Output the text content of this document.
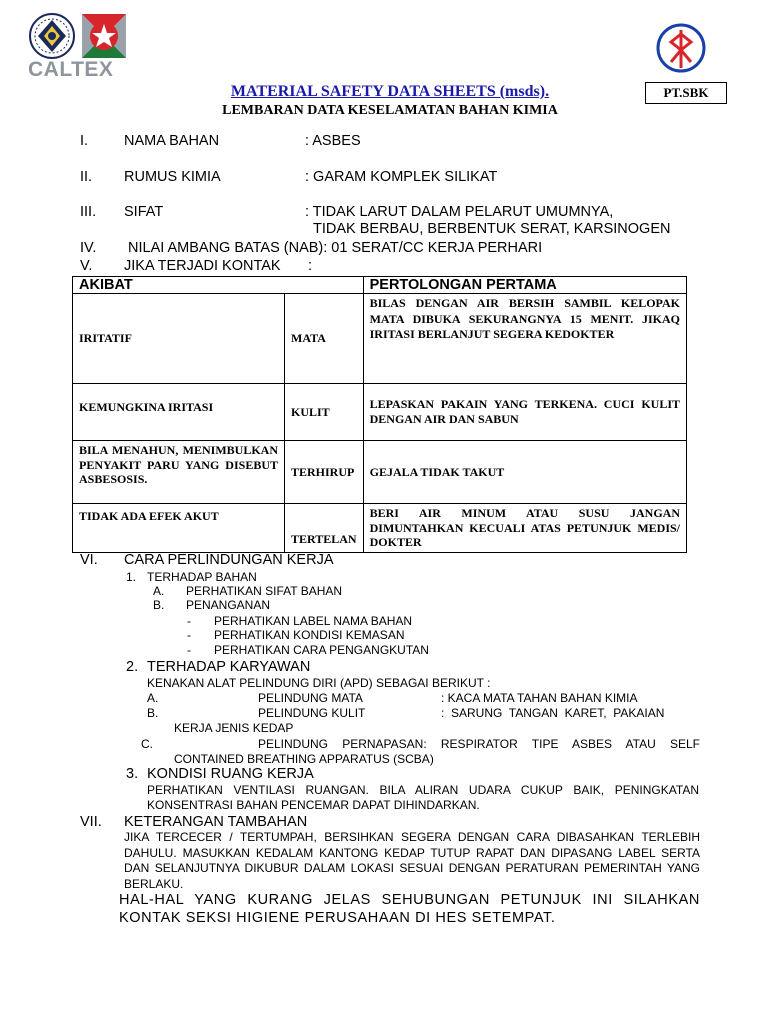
CALTEX
PT.SBK
MATERIAL SAFETY DATA SHEETS (msds).
LEMBARAN DATA KESELAMATAN BAHAN KIMIA
I. NAMA BAHAN	: ASBES
II. RUMUS KIMIA	: GARAM KOMPLEK SILIKAT
III. SIFAT	: TIDAK LARUT DALAM PELARUT UMUMNYA,
TIDAK BERBAU, BERBENTUK SERAT, KARSINOGEN
IV. NILAI AMBANG BATAS (NAB): 01 SERAT/CC KERJA PERHARI
V. JIKA TERJADI KONTAK :
AKIBAT		PERTOLONGAN PERTAMA
IRITATIF	MATA	BILAS DENGAN AIR BERSIH SAMBIL KELOPAK MATA DIBUKA SEKURANGNYA 15 MENIT. JIKAQ IRITASI BERLANJUT SEGERA KEDOKTER
KEMUNGKINA IRITASI	KULIT	LEPASKAN PAKAIN YANG TERKENA. CUCI KULIT DENGAN AIR DAN SABUN
BILA MENAHUN, MENIMBULKAN PENYAKIT PARU YANG DISEBUT ASBESOSIS.	TERHIRUP	GEJALA TIDAK TAKUT
TIDAK ADA EFEK AKUT	TERTELAN	BERI AIR MINUM ATAU SUSU JANGAN DIMUNTAHKAN KECUALI ATAS PETUNJUK MEDIS/ DOKTER
VI. CARA PERLINDUNGAN KERJA
1. TERHADAP BAHAN
A. PERHATIKAN SIFAT BAHAN
B. PENANGANAN
- PERHATIKAN LABEL NAMA BAHAN
- PERHATIKAN KONDISI KEMASAN
- PERHATIKAN CARA PENGANGKUTAN
2. TERHADAP KARYAWAN
KENAKAN ALAT PELINDUNG DIRI (APD) SEBAGAI BERIKUT :
A.	PELINDUNG MATA	: KACA MATA TAHAN BAHAN KIMIA
B.	PELINDUNG KULIT	:  SARUNG  TANGAN  KARET,  PAKAIAN
KERJA JENIS KEDAP
C.	PELINDUNG PERNAPASAN: RESPIRATOR TIPE ASBES ATAU SELF
CONTAINED BREATHING APPARATUS (SCBA)
3. KONDISI RUANG KERJA
PERHATIKAN VENTILASI RUANGAN. BILA ALIRAN UDARA CUKUP BAIK, PENINGKATAN KONSENTRASI BAHAN PENCEMAR DAPAT DIHINDARKAN.
VII. KETERANGAN TAMBAHAN
JIKA TERCECER / TERTUMPAH, BERSIHKAN SEGERA DENGAN CARA DIBASAHKAN TERLEBIH DAHULU. MASUKKAN KEDALAM KANTONG KEDAP TUTUP RAPAT DAN DIPASANG LABEL SERTA DAN SELANJUTNYA DIKUBUR DALAM LOKASI SESUAI DENGAN PERATURAN PEMERINTAH YANG BERLAKU.
HAL-HAL YANG KURANG JELAS SEHUBUNGAN PETUNJUK INI SILAHKAN KONTAK SEKSI HIGIENE PERUSAHAAN DI HES SETEMPAT.
